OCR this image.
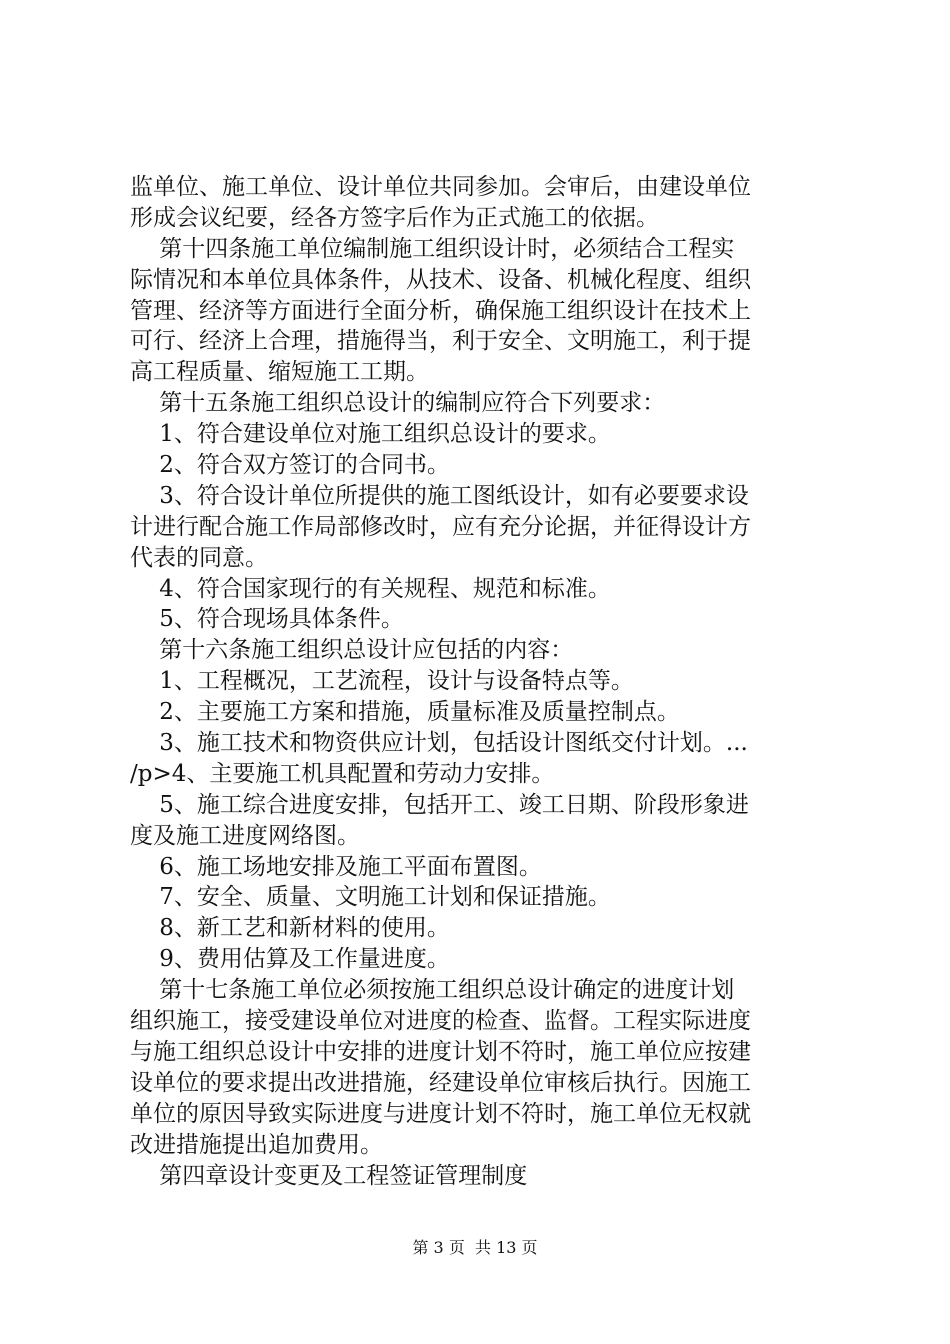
监单位、施工单位、设计单位共同参加。会审后，由建设单位
形成会议纪要，经各方签字后作为正式施工的依据。
第十四条施工单位编制施工组织设计时，必须结合工程实
际情况和本单位具体条件，从技术、设备、机械化程度、组织
管理、经济等方面进行全面分析，确保施工组织设计在技术上
可行、经济上合理，措施得当，利于安全、文明施工，利于提
高工程质量、缩短施工工期。
第十五条施工组织总设计的编制应符合下列要求：
1、符合建设单位对施工组织总设计的要求。
2、符合双方签订的合同书。
3、符合设计单位所提供的施工图纸设计，如有必要要求设
计进行配合施工作局部修改时，应有充分论据，并征得设计方
代表的同意。
4、符合国家现行的有关规程、规范和标准。
5、符合现场具体条件。
第十六条施工组织总设计应包括的内容：
1、工程概况，工艺流程，设计与设备特点等。
2、主要施工方案和措施，质量标准及质量控制点。
3、施工技术和物资供应计划，包括设计图纸交付计划。...
/p>4、主要施工机具配置和劳动力安排。
5、施工综合进度安排，包括开工、竣工日期、阶段形象进
度及施工进度网络图。
6、施工场地安排及施工平面布置图。
7、安全、质量、文明施工计划和保证措施。
8、新工艺和新材料的使用。
9、费用估算及工作量进度。
第十七条施工单位必须按施工组织总设计确定的进度计划
组织施工，接受建设单位对进度的检查、监督。工程实际进度
与施工组织总设计中安排的进度计划不符时，施工单位应按建
设单位的要求提出改进措施，经建设单位审核后执行。因施工
单位的原因导致实际进度与进度计划不符时，施工单位无权就
改进措施提出追加费用。
第四章设计变更及工程签证管理制度
第 3 页  共 13 页
